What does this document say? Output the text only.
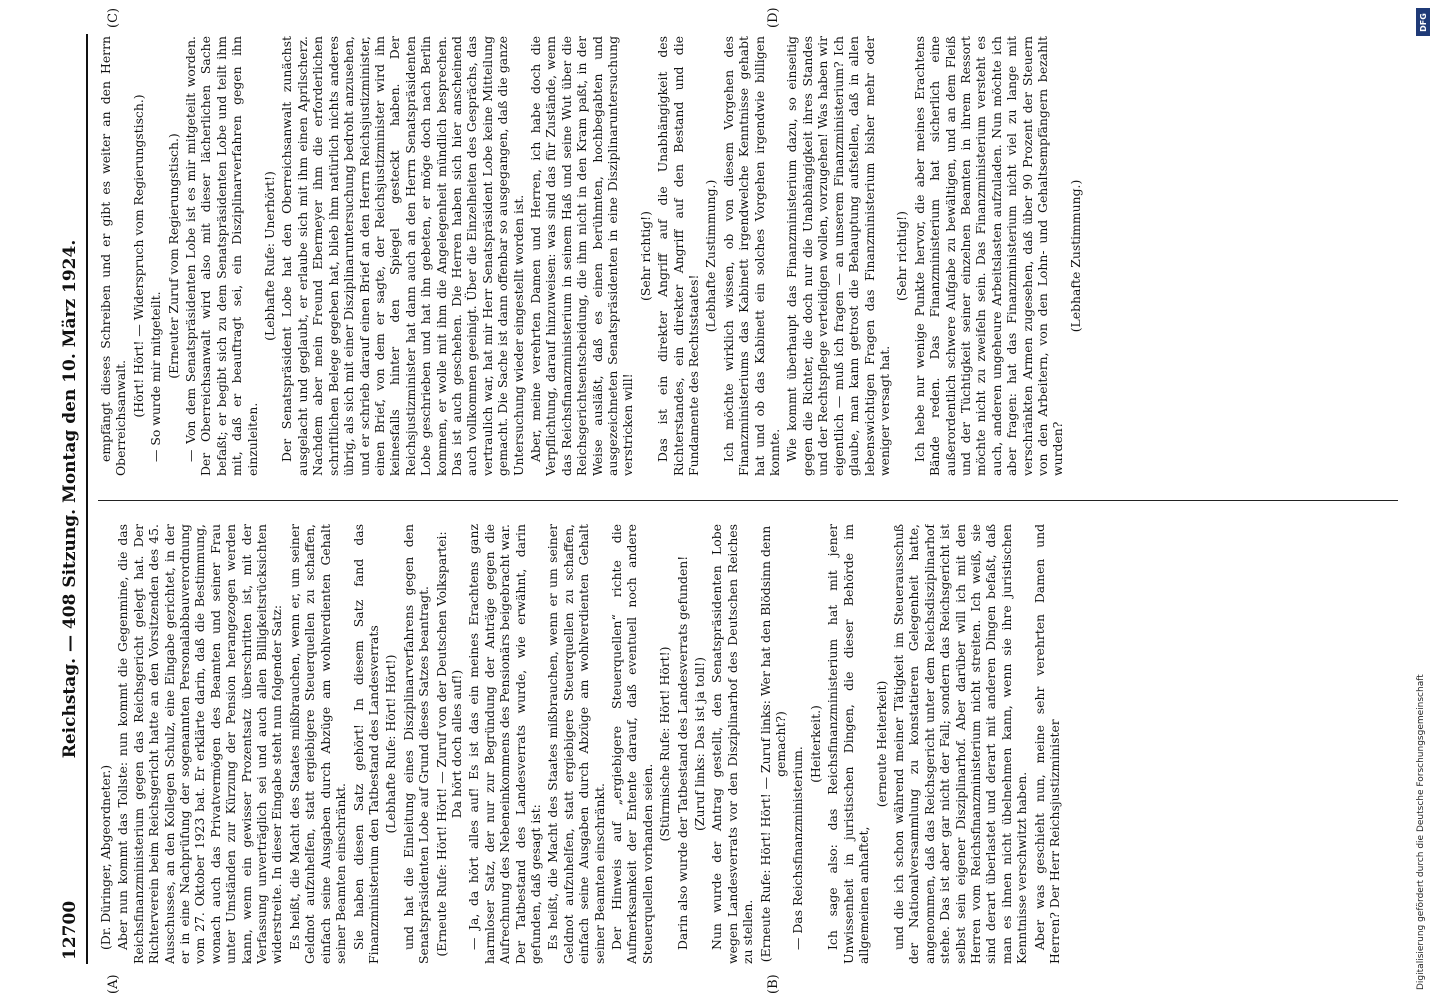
12700
Reichstag. — 408 Sitzung. Montag den 10. März 1924.
(A)	(B)
(C)	(D)

(Dr. Düringer, Abgeordneter.) Aber nun kommt das Tollste: nun kommt die Gegenmine, die das Reichsfinanzministerium gegen das Reichsgericht gelegt hat. Der Richterverein beim Reichsgericht hatte an den Vorsitzenden des 45. Ausschusses, an den Kollegen Schulz, eine Eingabe gerichtet, in der er in eine Nachprüfung der sogenannten Personalabbauverordnung vom 27. Oktober 1923 bat. Er erklärte darin, daß die Bestimmung, wonach auch das Privatvermögen des Beamten und seiner Frau unter Umständen zur Kürzung der Pension herangezogen werden kann, wenn ein gewisser Prozentsatz überschritten ist, mit der Verfassung unverträglich sei und auch allen Billigkeitsrücksichten widerstreite. In dieser Eingabe steht nun folgender Satz: Es heißt, die Macht des Staates mißbrauchen, wenn er, um seiner Geldnot aufzuhelfen, statt ergiebigere Steuerquellen zu schaffen, einfach seine Ausgaben durch Abzüge am wohlverdienten Gehalt seiner Beamten einschränkt. Sie haben diesen Satz gehört! In diesem Satz fand das Finanzministerium den Tatbestand des Landesverrats (Lebhafte Rufe: Hört! Hört!) und hat die Einleitung eines Disziplinarverfahrens gegen den Senatspräsidenten Lobe auf Grund dieses Satzes beantragt. (Erneute Rufe: Hört! Hört! — Zuruf von der Deutschen Volkspartei: Da hört doch alles auf!) — Ja, da hört alles auf! Es ist das ein meines Erachtens ganz harmloser Satz, der nur zur Begründung der Anträge gegen die Aufrechnung des Nebeneinkommens des Pensionärs beigebracht war. Der Tatbestand des Landesverrats wurde, wie erwähnt, darin gefunden, daß gesagt ist: Es heißt, die Macht des Staates mißbrauchen, wenn er um seiner Geldnot aufzuhelfen, statt ergiebigere Steuerquellen zu schaffen, einfach seine Ausgaben durch Abzüge am wohlverdienten Gehalt seiner Beamten einschränkt. Der Hinweis auf „ergiebigere Steuerquellen“ richte die Aufmerksamkeit der Entente darauf, daß eventuell noch andere Steuerquellen vorhanden seien.

(Stürmische Rufe: Hört! Hört!) Darin also wurde der Tatbestand des Landesverrats gefunden! (Zuruf links: Das ist ja toll!) Nun wurde der Antrag gestellt, den Senatspräsidenten Lobe wegen Landesverrats vor den Disziplinarhof des Deutschen Reiches zu stellen. (Erneute Rufe: Hört! Hört! — Zuruf links: Wer hat den Blödsinn denn gemacht?)

— Das Reichsfinanzministerium.

(Heiterkeit.) Ich sage also: das Reichsfinanzministerium hat mit jener Unwissenheit in juristischen Dingen, die dieser Behörde im allgemeinen anhaftet,

(erneute Heiterkeit) und die ich schon während meiner Tätigkeit im Steuerausschuß der Nationalversammlung zu konstatieren Gelegenheit hatte, angenommen, daß das Reichsgericht unter dem Reichsdisziplinarhof stehe. Das ist aber gar nicht der Fall; sondern das Reichsgericht ist selbst sein eigener Disziplinarhof. Aber darüber will ich mit den Herren vom Reichsfinanzministerium nicht streiten. Ich weiß, sie sind derart überlastet und derart mit anderen Dingen befaßt, daß man es ihnen nicht übelnehmen kann, wenn sie ihre juristischen Kenntnisse verschwitzt haben. Aber was geschieht nun, meine sehr verehrten Damen und Herren? Der Herr Reichsjustizminister

empfängt dieses Schreiben und er gibt es weiter an den Herrn Oberreichsanwalt.

(Hört! Hört! — Widerspruch vom Regierungstisch.) — So wurde mir mitgeteilt. (Erneuter Zuruf vom Regierungstisch.) — Von dem Senatspräsidenten Lobe ist es mir mitgeteilt worden. Der Oberreichsanwalt wird also mit dieser lächerlichen Sache befaßt; er begibt sich zu dem Senatspräsidenten Lobe und teilt ihm mit, daß er beauftragt sei, ein Disziplinarverfahren gegen ihn einzuleiten.

(Lebhafte Rufe: Unerhört!) Der Senatspräsident Lobe hat den Oberreichsanwalt zunächst ausgelacht und geglaubt, er erlaube sich mit ihm einen Aprilscherz. Nachdem aber mein Freund Ebermeyer ihm die erforderlichen schriftlichen Belege gegeben hat, blieb ihm natürlich nichts anderes übrig, als sich mit einer Disziplinaruntersuchung bedroht anzusehen, und er schrieb darauf einen Brief an den Herrn Reichsjustizminister, einen Brief, von dem er sagte, der Reichsjustizminister wird ihn keinesfalls hinter den Spiegel gesteckt haben. Der Reichsjustizminister hat dann auch an den Herrn Senatspräsidenten Lobe geschrieben und hat ihn gebeten, er möge doch nach Berlin kommen, er wolle mit ihm die Angelegenheit mündlich besprechen. Das ist auch geschehen. Die Herren haben sich hier anscheinend auch vollkommen geeinigt. Über die Einzelheiten des Gesprächs, das vertraulich war, hat mir Herr Senatspräsident Lobe keine Mitteilung gemacht. Die Sache ist dann offenbar so ausgegangen, daß die ganze Untersuchung wieder eingestellt worden ist. Aber, meine verehrten Damen und Herren, ich habe doch die Verpflichtung, darauf hinzuweisen: was sind das für Zustände, wenn das Reichsfinanzministerium in seinem Haß und seine Wut über die Reichsgerichtsentscheidung, die ihm nicht in den Kram paßt, in der Weise ausläßt, daß es einen berühmten, hochbegabten und ausgezeichneten Senatspräsidenten in eine Disziplinaruntersuchung verstricken will!

(Sehr richtig!) Das ist ein direkter Angriff auf die Unabhängigkeit des Richterstandes, ein direkter Angriff auf den Bestand und die Fundamente des Rechtsstaates!

(Lebhafte Zustimmung.) Ich möchte wirklich wissen, ob von diesem Vorgehen des Finanzministeriums das Kabinett irgendwelche Kenntnisse gehabt hat und ob das Kabinett ein solches Vorgehen irgendwie billigen konnte. Wie kommt überhaupt das Finanzministerium dazu, so einseitig gegen die Richter, die doch nur die Unabhängigkeit ihres Standes und der Rechtspflege verteidigen wollen, vorzugehen! Was haben wir eigentlich — muß ich fragen — an unserem Finanzministerium? Ich glaube, man kann getrost die Behauptung aufstellen, daß in allen lebenswichtigen Fragen das Finanzministerium bisher mehr oder weniger versagt hat.

(Sehr richtig!) Ich hebe nur wenige Punkte hervor, die aber meines Erachtens Bände reden. Das Finanzministerium hat sicherlich eine außerordentlich schwere Aufgabe zu bewältigen, und an dem Fleiß und der Tüchtigkeit seiner einzelnen Beamten in ihrem Ressort möchte nicht zu zweifeln sein. Das Finanzministerium versteht es auch, anderen ungeheure Arbeitslasten aufzuladen. Nun möchte ich aber fragen: hat das Finanzministerium nicht viel zu lange mit verschränkten Armen zugesehen, daß über 90 Prozent der Steuern von den Arbeitern, von den Lohn- und Gehaltsempfängern bezahlt wurden?

(Lebhafte Zustimmung.)

DFG
Digitalisierung gefördert durch die Deutsche Forschungsgemeinschaft
